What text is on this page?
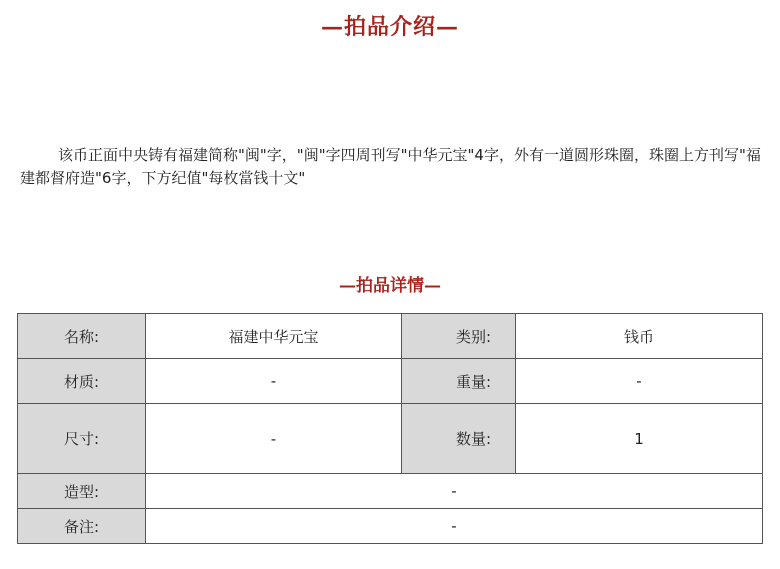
—拍品介绍—

该币正面中央铸有福建简称"闽"字，"闽"字四周刊写"中华元宝"4字，外有一道圆形珠圈，珠圈上方刊写"福建都督府造"6字，下方纪值"每枚當钱十文"

—拍品详情—
名称:	福建中华元宝	类别:	钱币
材质:	-	重量:	-
尺寸:	-	数量:	1
造型:	-		
备注:	-		
